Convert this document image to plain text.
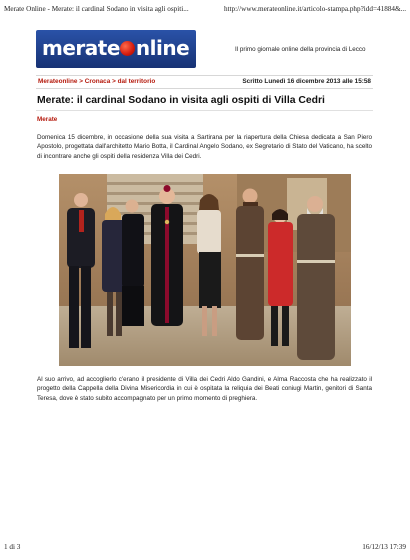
Merate Online - Merate: il cardinal Sodano in visita agli ospiti...	http://www.merateonline.it/articolo-stampa.php?idd=41884&...
merate nline	Il primo giornale online della provincia di Lecco
Merateonline > Cronaca > dal territorio	Scritto Lunedì 16 dicembre 2013 alle 15:58
Merate: il cardinal Sodano in visita agli ospiti di Villa Cedri
Merate

Domenica 15 dicembre, in occasione della sua visita a Sartirana per la riapertura della Chiesa dedicata a San Piero Apostolo, progettata dall'architetto Mario Botta, il Cardinal Angelo Sodano, ex Segretario di Stato del Vaticano, ha scelto di incontrare anche gli ospiti della residenza Villa dei Cedri.

Al suo arrivo, ad accoglierlo c'erano il presidente di Villa dei Cedri Aldo Gandini, e Alma Raccosta che ha realizzato il progetto della Cappella della Divina Misericordia in cui è ospitata la reliquia dei Beati coniugi Martin, genitori di Santa Teresa, dove è stato subito accompagnato per un primo momento di preghiera.

1 di 3	16/12/13 17:39
